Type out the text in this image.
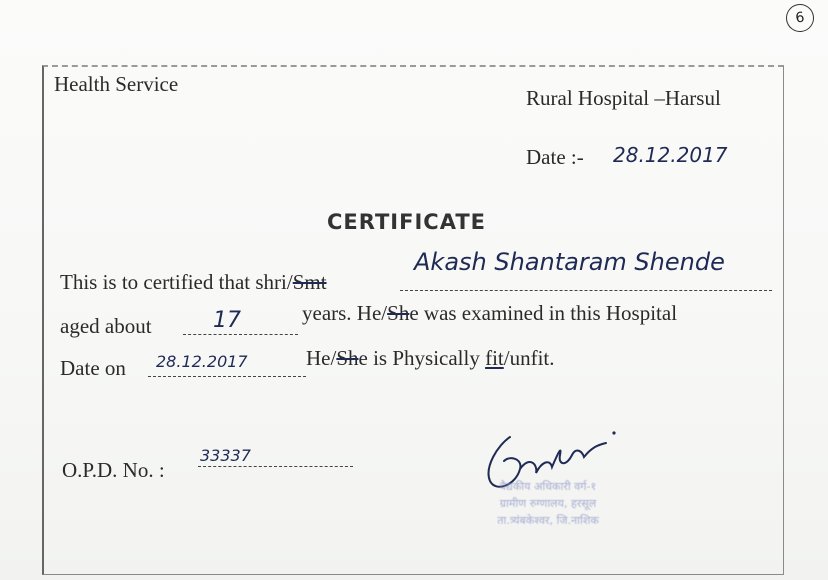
6
Health Service
Rural Hospital –Harsul
Date :- 28.12.2017
CERTIFICATE
This is to certified that shri/Smt
Akash Shantaram Shende
aged about	17	years. He/She was examined in this Hospital
Date on 28.12.2017	He/She is Physically fit/unfit.
O.P.D. No. :
33337
वैद्यकीय अधिकारी वर्ग-१
ग्रामीण रुग्णालय, हरसूल
ता.त्र्यंबकेश्वर, जि.नाशिक
